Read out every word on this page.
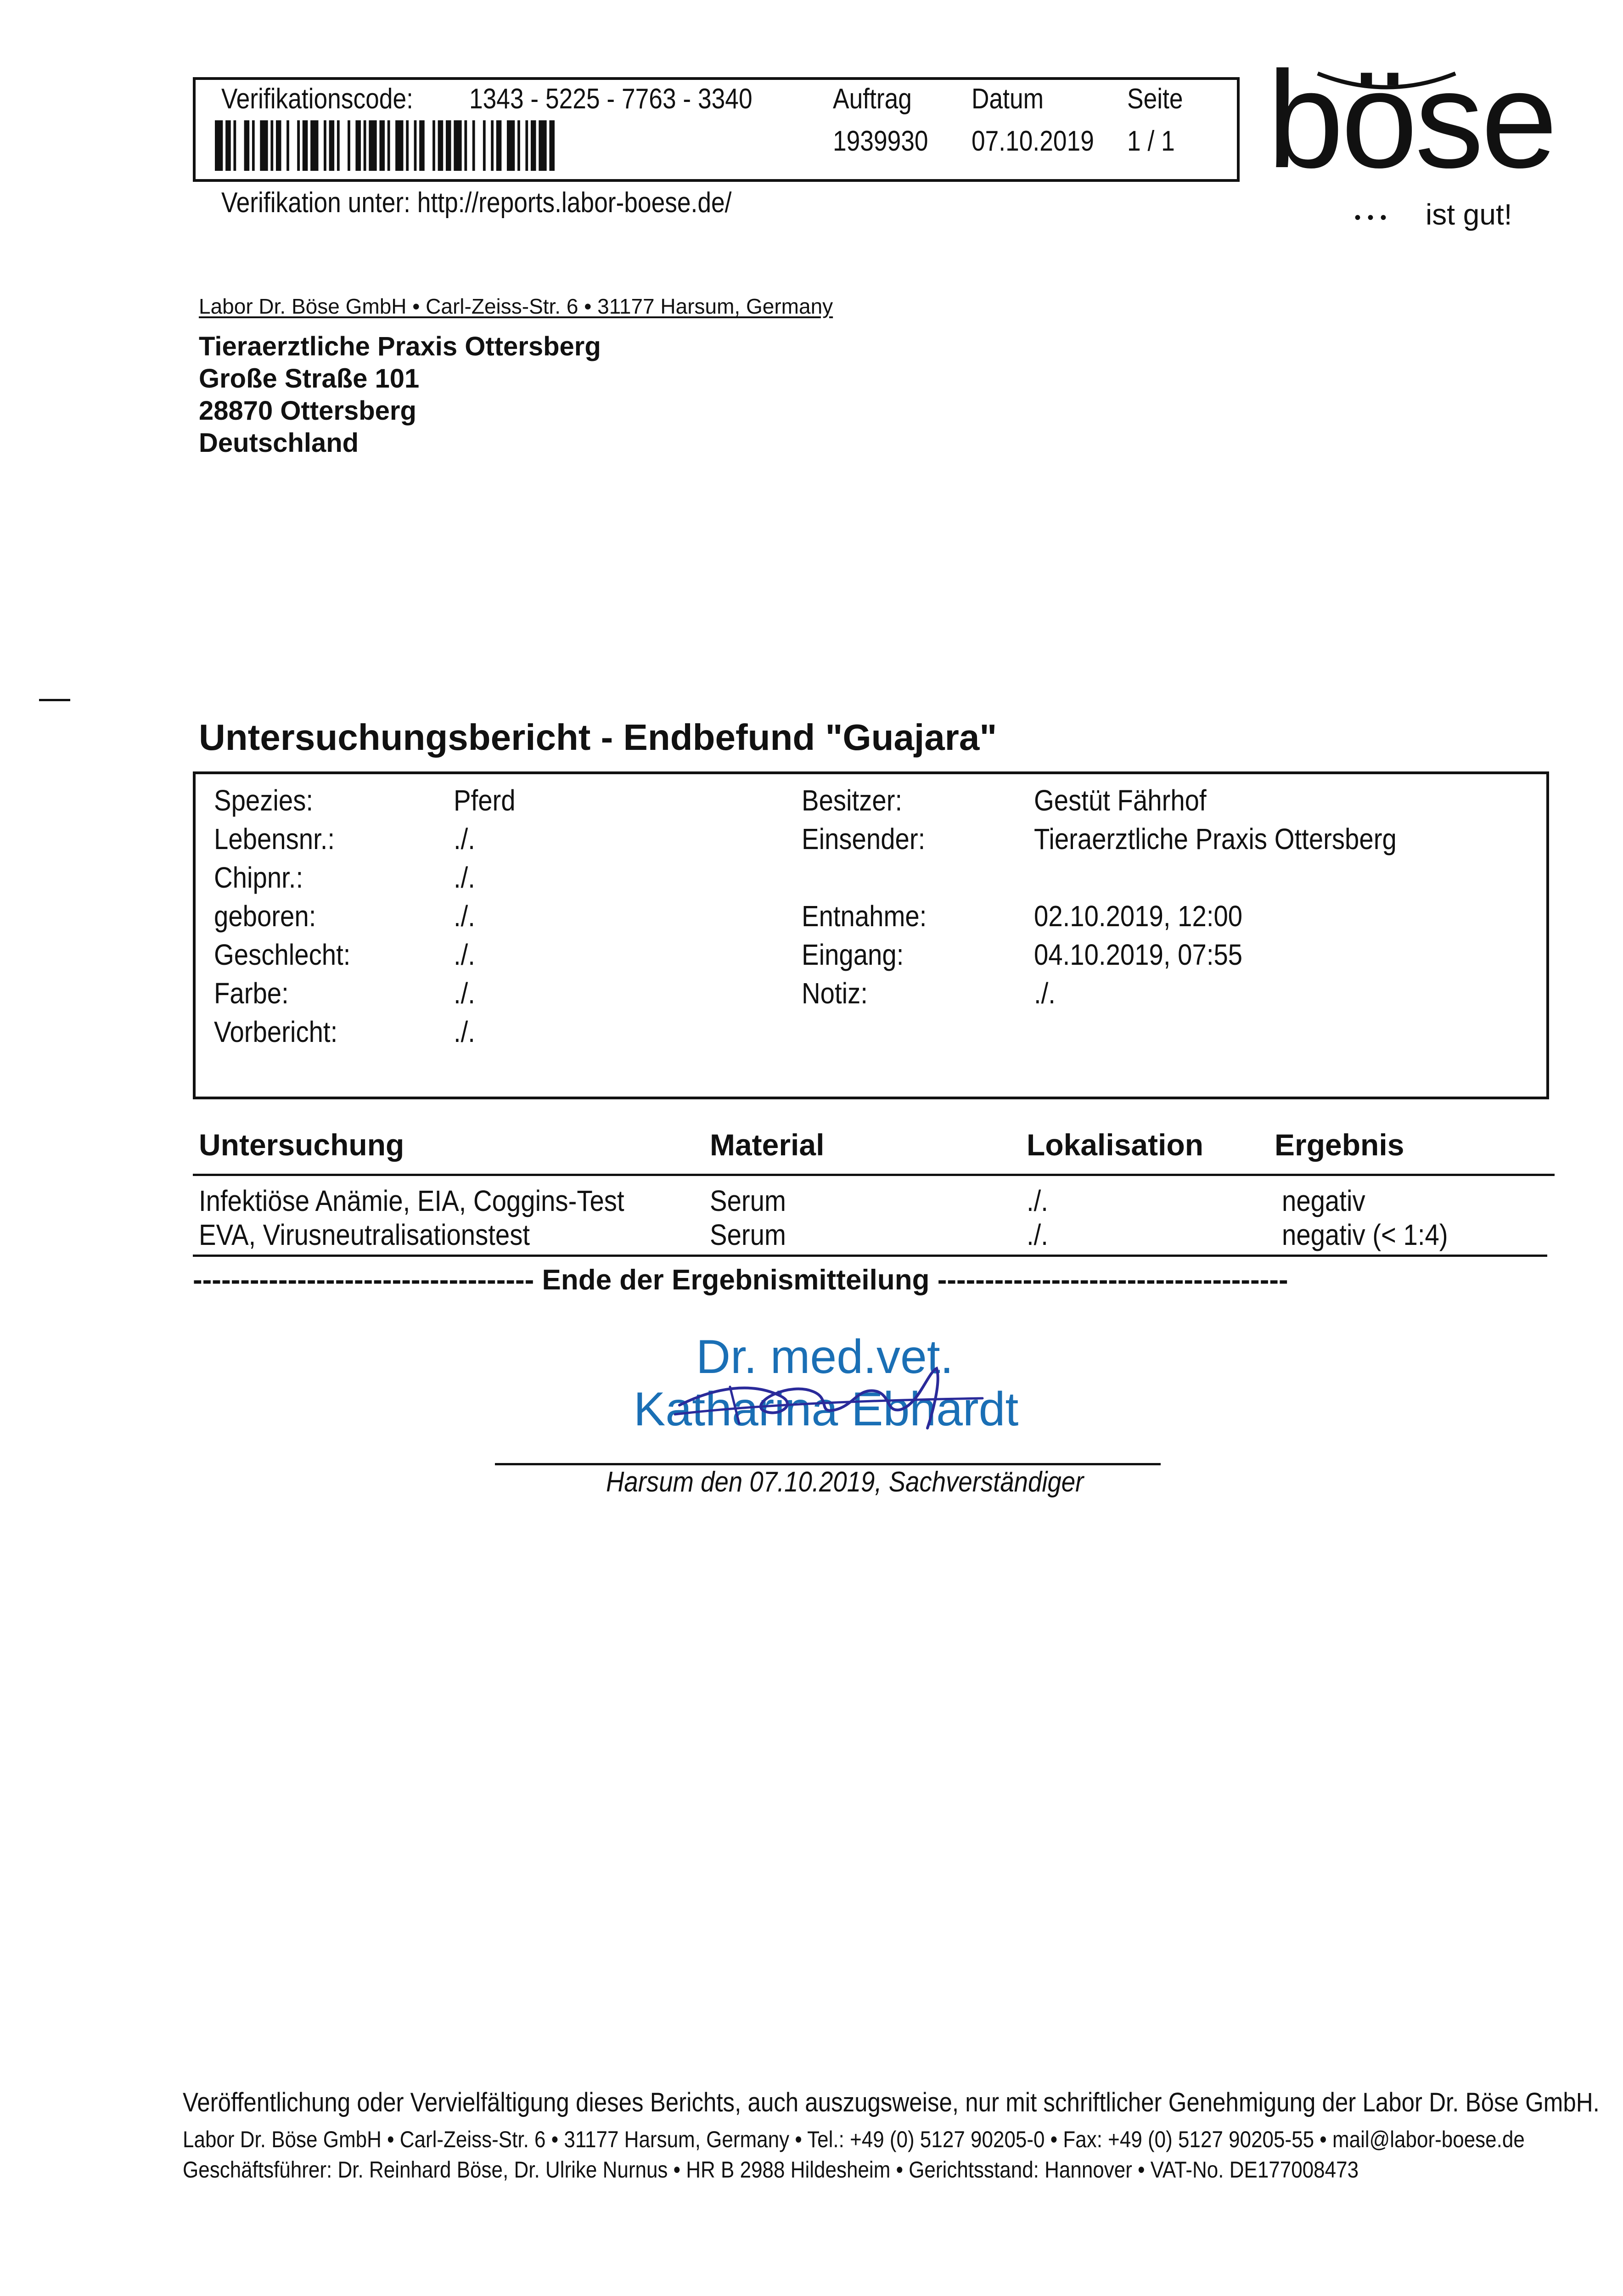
Verifikationscode: 1343 - 5225 - 7763 - 3340	Auftrag Datum	Seite
1939930 07.10.2019 1 / 1
Verifikation unter: http://reports.labor-boese.de/
böse
••• ist gut!
Labor Dr. Böse GmbH • Carl-Zeiss-Str. 6 • 31177 Harsum, Germany
Tieraerztliche Praxis Ottersberg
Große Straße 101
28870 Ottersberg
Deutschland
Untersuchungsbericht - Endbefund "Guajara"
Spezies:	Pferd
Lebensnr.:	./.
Chipnr.:	./.
geboren:	./.
Geschlecht:	./.
Farbe:	./.
Vorbericht:	./.
Besitzer:	Gestüt Fährhof
Einsender:	Tieraerztliche Praxis Ottersberg
Entnahme:	02.10.2019, 12:00
Eingang:	04.10.2019, 07:55
Notiz:	./.
Untersuchung	Material	Lokalisation Ergebnis
Infektiöse Anämie, EIA, Coggins-Test	Serum	./.	negativ
EVA, Virusneutralisationstest	Serum	./.	negativ (< 1:4)
------------------------------------ Ende der Ergebnismitteilung -------------------------------------
Dr. med.vet.
Katharina Ebhardt
Harsum den 07.10.2019, Sachverständiger
Veröffentlichung oder Vervielfältigung dieses Berichts, auch auszugsweise, nur mit schriftlicher Genehmigung der Labor Dr. Böse GmbH.
Labor Dr. Böse GmbH • Carl-Zeiss-Str. 6 • 31177 Harsum, Germany • Tel.: +49 (0) 5127 90205-0 • Fax: +49 (0) 5127 90205-55 • mail@labor-boese.de
Geschäftsführer: Dr. Reinhard Böse, Dr. Ulrike Nurnus • HR B 2988 Hildesheim • Gerichtsstand: Hannover • VAT-No. DE177008473
